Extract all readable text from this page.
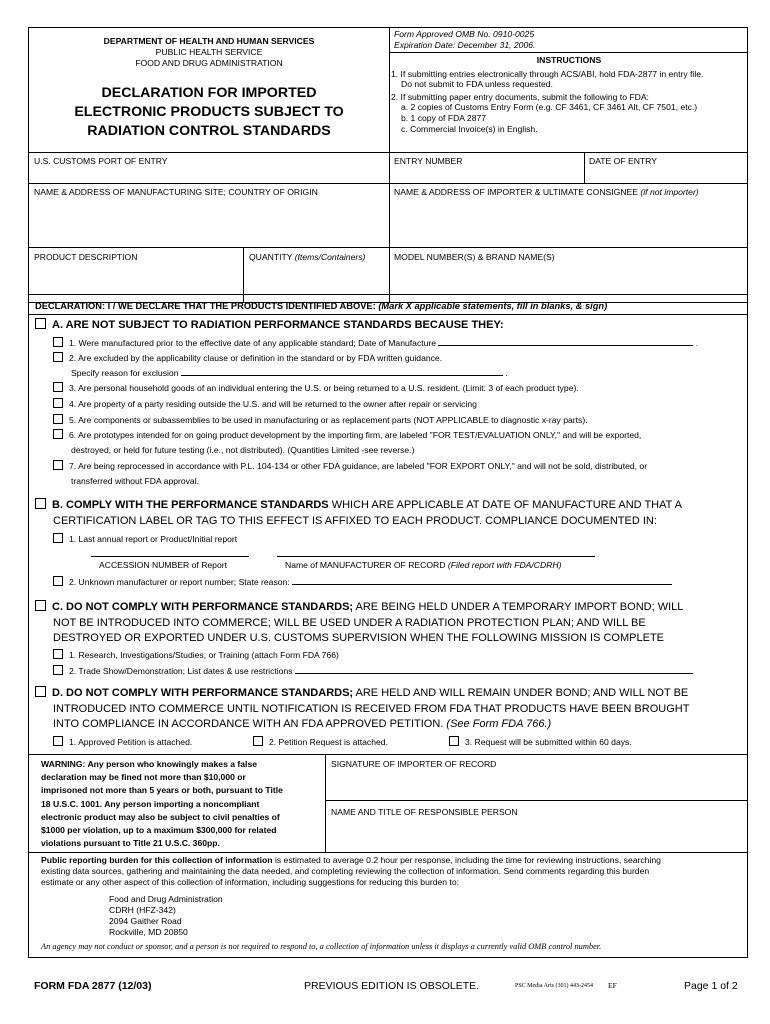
DEPARTMENT OF HEALTH AND HUMAN SERVICES
PUBLIC HEALTH SERVICE
FOOD AND DRUG ADMINISTRATION
DECLARATION FOR IMPORTED
ELECTRONIC PRODUCTS SUBJECT TO
RADIATION CONTROL STANDARDS
Form Approved OMB No. 0910-0025
Expiration Date: December 31, 2006.
INSTRUCTIONS
1. If submitting entries electronically through ACS/ABI, hold FDA-2877 in entry file.
Do not submit to FDA unless requested.
2. If submitting paper entry documents, submit the following to FDA:
a. 2 copies of Customs Entry Form (e.g. CF 3461, CF 3461 Alt, CF 7501, etc.)
b. 1 copy of FDA 2877
c. Commercial Invoice(s) in English.
U.S. CUSTOMS PORT OF ENTRY	ENTRY NUMBER	DATE OF ENTRY
NAME & ADDRESS OF MANUFACTURING SITE; COUNTRY OF ORIGIN	NAME & ADDRESS OF IMPORTER & ULTIMATE CONSIGNEE (if not importer)
PRODUCT DESCRIPTION	QUANTITY (Items/Containers)	MODEL NUMBER(S) & BRAND NAME(S)
DECLARATION: I / WE DECLARE THAT THE PRODUCTS IDENTIFIED ABOVE: (Mark X applicable statements, fill in blanks, & sign)
A. ARE NOT SUBJECT TO RADIATION PERFORMANCE STANDARDS BECAUSE THEY:
1. Were manufactured prior to the effective date of any applicable standard; Date of Manufacture	.
2. Are excluded by the applicability clause or definition in the standard or by FDA written guidance.
Specify reason for exclusion	.
3. Are personal household goods of an individual entering the U.S. or being returned to a U.S. resident. (Limit: 3 of each product type).
4. Are property of a party residing outside the U.S. and will be returned to the owner after repair or servicing
5. Are components or subassemblies to be used in manufacturing or as replacement parts (NOT APPLICABLE to diagnostic x-ray parts).
6. Are prototypes intended for on going product development by the importing firm, are labeled "FOR TEST/EVALUATION ONLY," and will be exported,
destroyed, or held for future testing (i.e., not distributed). (Quantities Limited -see reverse.)
7. Are being reprocessed in accordance with P.L. 104-134 or other FDA guidance, are labeled "FOR EXPORT ONLY," and will not be sold, distributed, or
transferred without FDA approval.
B. COMPLY WITH THE PERFORMANCE STANDARDS WHICH ARE APPLICABLE AT DATE OF MANUFACTURE AND THAT A
CERTIFICATION LABEL OR TAG TO THIS EFFECT IS AFFIXED TO EACH PRODUCT. COMPLIANCE DOCUMENTED IN:
1. Last annual report or Product/Initial report
ACCESSION NUMBER of Report	Name of MANUFACTURER OF RECORD (Filed report with FDA/CDRH)
2. Unknown manufacturer or report number; State reason:
C. DO NOT COMPLY WITH PERFORMANCE STANDARDS; ARE BEING HELD UNDER A TEMPORARY IMPORT BOND; WILL
NOT BE INTRODUCED INTO COMMERCE; WILL BE USED UNDER A RADIATION PROTECTION PLAN; AND WILL BE
DESTROYED OR EXPORTED UNDER U.S. CUSTOMS SUPERVISION WHEN THE FOLLOWING MISSION IS COMPLETE
1. Research, Investigations/Studies, or Training (attach Form FDA 766)
2. Trade Show/Demonstration; List dates & use restrictions
D. DO NOT COMPLY WITH PERFORMANCE STANDARDS; ARE HELD AND WILL REMAIN UNDER BOND; AND WILL NOT BE
INTRODUCED INTO COMMERCE UNTIL NOTIFICATION IS RECEIVED FROM FDA THAT PRODUCTS HAVE BEEN BROUGHT
INTO COMPLIANCE IN ACCORDANCE WITH AN FDA APPROVED PETITION. (See Form FDA 766.)
1. Approved Petition is attached.	2. Petition Request is attached.	3. Request will be submitted within 60 days.
WARNING: Any person who knowingly makes a false
declaration may be fined not more than $10,000 or
imprisoned not more than 5 years or both, pursuant to Title
18 U.S.C. 1001. Any person importing a noncompliant
electronic product may also be subject to civil penalties of
$1000 per violation, up to a maximum $300,000 for related
violations pursuant to Title 21 U.S.C. 360pp.
SIGNATURE OF IMPORTER OF RECORD
NAME AND TITLE OF RESPONSIBLE PERSON
Public reporting burden for this collection of information is estimated to average 0.2 hour per response, including the time for reviewing instructions, searching
existing data sources, gathering and maintaining the data needed, and completing reviewing the collection of information. Send comments regarding this burden
estimate or any other aspect of this collection of information, including suggestions for reducing this burden to:
Food and Drug Administration
CDRH (HFZ-342)
2094 Gaither Road
Rockville, MD 20850
An agency may not conduct or sponsor, and a person is not required to respond to, a collection of information unless it displays a currently valid OMB control number.
FORM FDA 2877 (12/03)	PREVIOUS EDITION IS OBSOLETE.	PSC Media Arts (301) 443-2454 EF	Page 1 of 2
